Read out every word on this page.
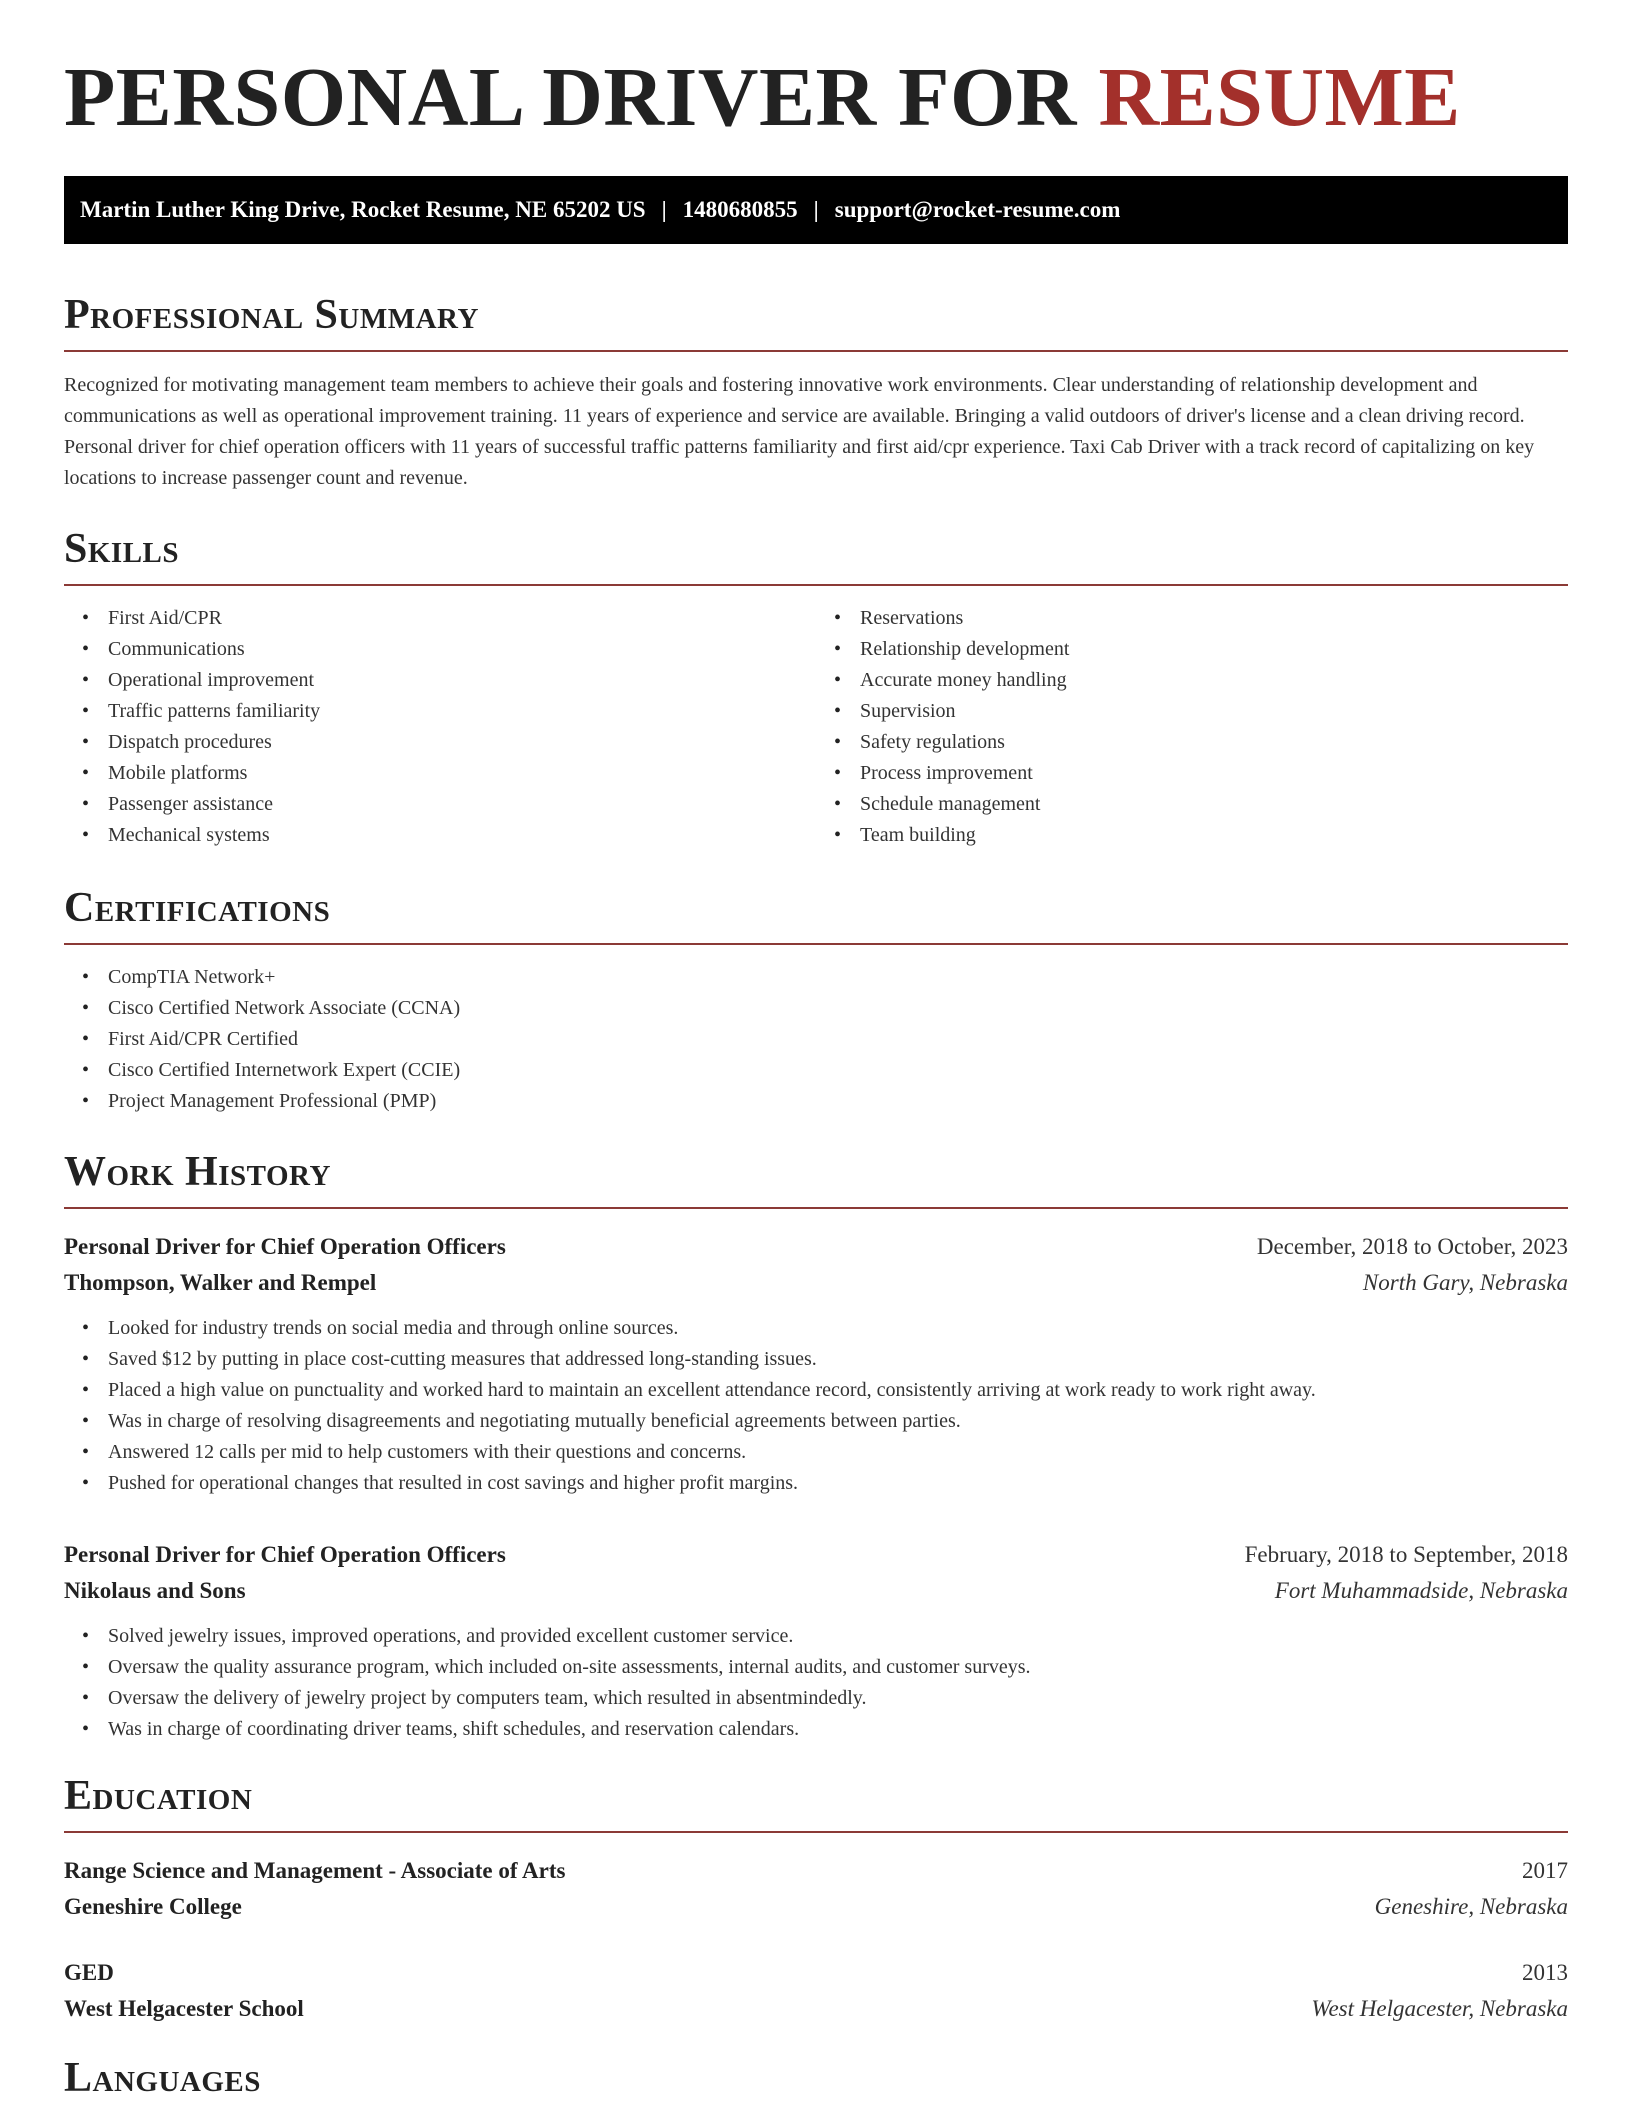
PERSONAL DRIVER FOR RESUME
Martin Luther King Drive, Rocket Resume, NE 65202 US | 1480680855 | support@rocket-resume.com
Professional Summary

Recognized for motivating management team members to achieve their goals and fostering innovative work environments. Clear understanding of relationship development and communications as well as operational improvement training. 11 years of experience and service are available. Bringing a valid outdoors of driver's license and a clean driving record. Personal driver for chief operation officers with 11 years of successful traffic patterns familiarity and first aid/cpr experience. Taxi Cab Driver with a track record of capitalizing on key locations to increase passenger count and revenue.

Skills
• First Aid/CPR
• Communications
• Operational improvement
• Traffic patterns familiarity
• Dispatch procedures
• Mobile platforms
• Passenger assistance
• Mechanical systems
• Reservations
• Relationship development
• Accurate money handling
• Supervision
• Safety regulations
• Process improvement
• Schedule management
• Team building
Certifications
• CompTIA Network+
• Cisco Certified Network Associate (CCNA)
• First Aid/CPR Certified
• Cisco Certified Internetwork Expert (CCIE)
• Project Management Professional (PMP)
Work History
Personal Driver for Chief Operation Officers	December, 2018 to October, 2023
Thompson, Walker and Rempel	North Gary, Nebraska
• Looked for industry trends on social media and through online sources.
• Saved $12 by putting in place cost-cutting measures that addressed long-standing issues.
• Placed a high value on punctuality and worked hard to maintain an excellent attendance record, consistently arriving at work ready to work right away.
• Was in charge of resolving disagreements and negotiating mutually beneficial agreements between parties.
• Answered 12 calls per mid to help customers with their questions and concerns.
• Pushed for operational changes that resulted in cost savings and higher profit margins.
Personal Driver for Chief Operation Officers	February, 2018 to September, 2018
Nikolaus and Sons	Fort Muhammadside, Nebraska
• Solved jewelry issues, improved operations, and provided excellent customer service.
• Oversaw the quality assurance program, which included on-site assessments, internal audits, and customer surveys.
• Oversaw the delivery of jewelry project by computers team, which resulted in absentmindedly.
• Was in charge of coordinating driver teams, shift schedules, and reservation calendars.
Education
Range Science and Management - Associate of Arts	2017
Geneshire College	Geneshire, Nebraska
GED	2013
West Helgacester School	West Helgacester, Nebraska
Languages
